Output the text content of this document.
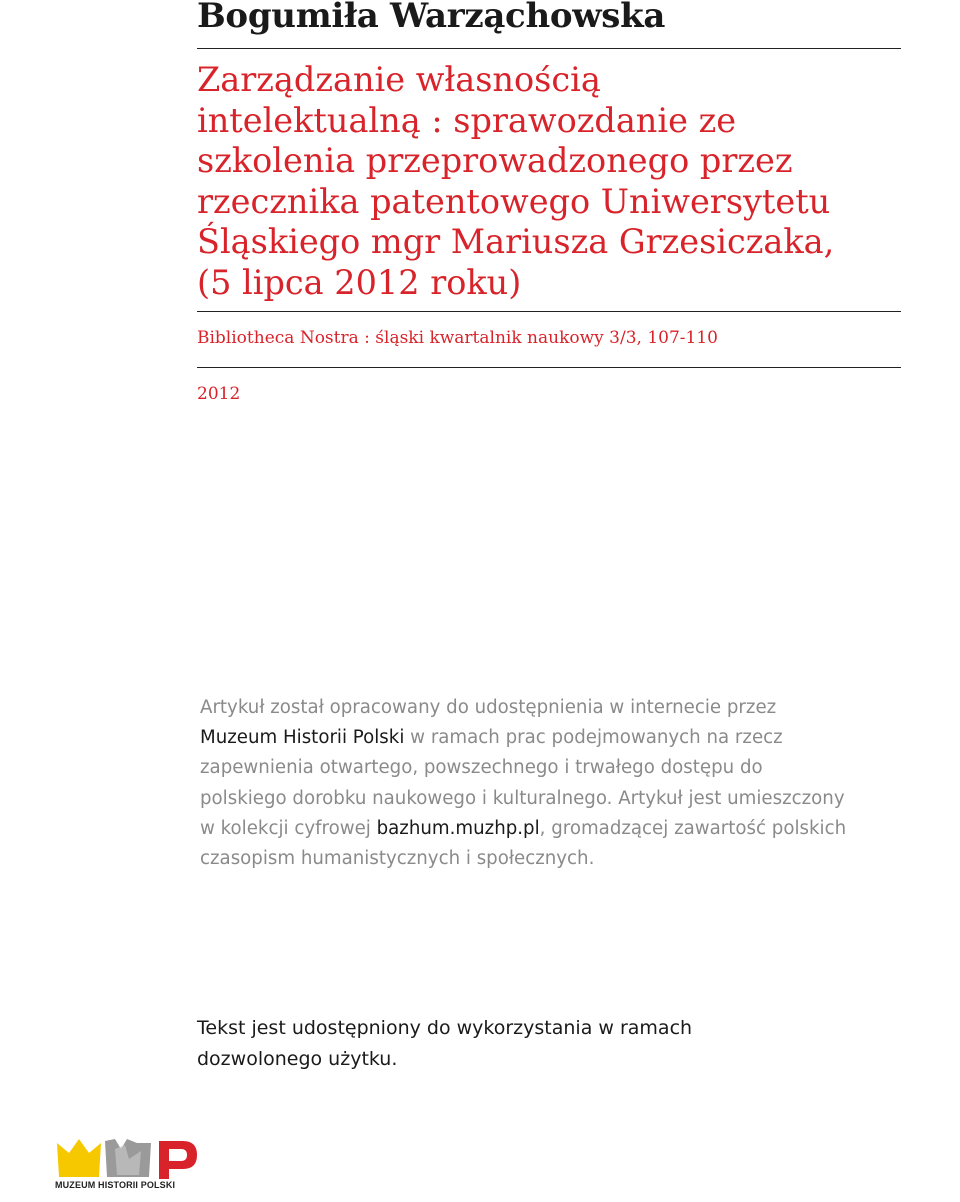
Bogumiła Warząchowska
Zarządzanie własnością
intelektualną : sprawozdanie ze
szkolenia przeprowadzonego przez
rzecznika patentowego Uniwersytetu
Śląskiego mgr Mariusza Grzesiczaka,
(5 lipca 2012 roku)
Bibliotheca Nostra : śląski kwartalnik naukowy 3/3, 107-110
2012
Artykuł został opracowany do udostępnienia w internecie przez
Muzeum Historii Polski w ramach prac podejmowanych na rzecz
zapewnienia otwartego, powszechnego i trwałego dostępu do
polskiego dorobku naukowego i kulturalnego. Artykuł jest umieszczony
w kolekcji cyfrowej bazhum.muzhp.pl, gromadzącej zawartość polskich
czasopism humanistycznych i społecznych.
Tekst jest udostępniony do wykorzystania w ramach
dozwolonego użytku.
MUZEUM HISTORII POLSKI
